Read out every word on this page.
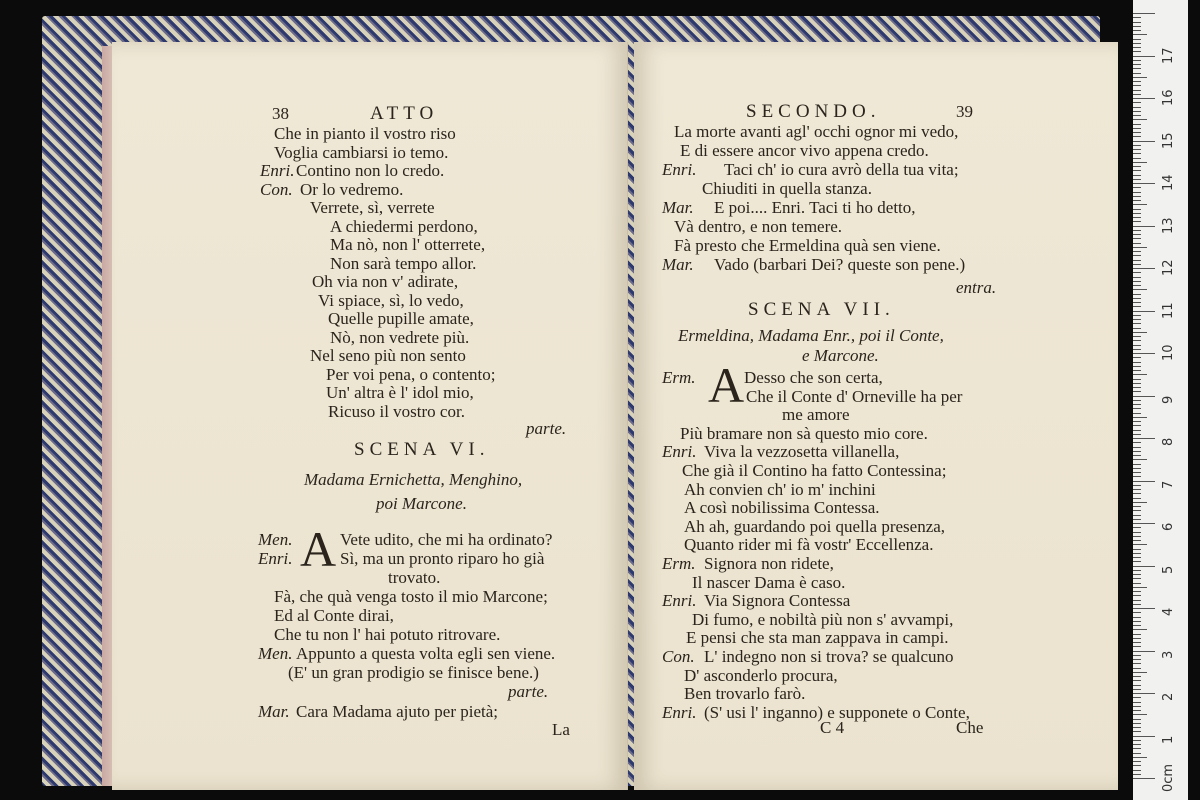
38	ATTO
Che in pianto il vostro riso
Voglia cambiarsi io temo.
Enri. Contino non lo credo.
Con. Or lo vedremo.
Verrete, sì, verrete
A chiedermi perdono,
Ma nò, non l' otterrete,
Non sarà tempo allor.
Oh via non v' adirate,
Vi spiace, sì, lo vedo,
Quelle pupille amate,
Nò, non vedrete più.
Nel seno più non sento
Per voi pena, o contento;
Un' altra è l' idol mio,
Ricuso il vostro cor.
parte.
SCENA VI.
Madama Ernichetta, Menghino,
poi Marcone.
A
Men.	Vete udito, che mi ha ordinato?
Enri.	Sì, ma un pronto riparo ho già
trovato.
Fà, che quà venga tosto il mio Marcone;
Ed al Conte dirai,
Che tu non l' hai potuto ritrovare.
Men. Appunto a questa volta egli sen viene.
(E' un gran prodigio se finisce bene.)
parte.
Mar. Cara Madama ajuto per pietà;
La
SECONDO.	39
La morte avanti agl' occhi ognor mi vedo,
E di essere ancor vivo appena credo.
Enri. Taci ch' io cura avrò della tua vita;
Chiuditi in quella stanza.
Mar. E poi.... Enri. Taci ti ho detto,
Và dentro, e non temere.
Fà presto che Ermeldina quà sen viene.
Mar. Vado (barbari Dei? queste son pene.)
entra.
SCENA VII.
Ermeldina, Madama Enr., poi il Conte,
e Marcone.
A
Erm.	Desso che son certa,
Che il Conte d' Orneville ha per
me amore
Più bramare non sà questo mio core.
Enri. Viva la vezzosetta villanella,
Che già il Contino ha fatto Contessina;
Ah convien ch' io m' inchini
A così nobilissima Contessa.
Ah ah, guardando poi quella presenza,
Quanto rider mi fà vostr' Eccellenza.
Erm. Signora non ridete,
Il nascer Dama è caso.
Enri. Via Signora Contessa
Di fumo, e nobiltà più non s' avvampi,
E pensi che sta man zappava in campi.
Con. L' indegno non si trova? se qualcuno
D' asconderlo procura,
Ben trovarlo farò.
Enri. (S' usi l' inganno) e supponete o Conte,
C 4	Che
0cm
1
2
3
4
5
6
7
8
9
10
11
12
13
14
15
16
17
